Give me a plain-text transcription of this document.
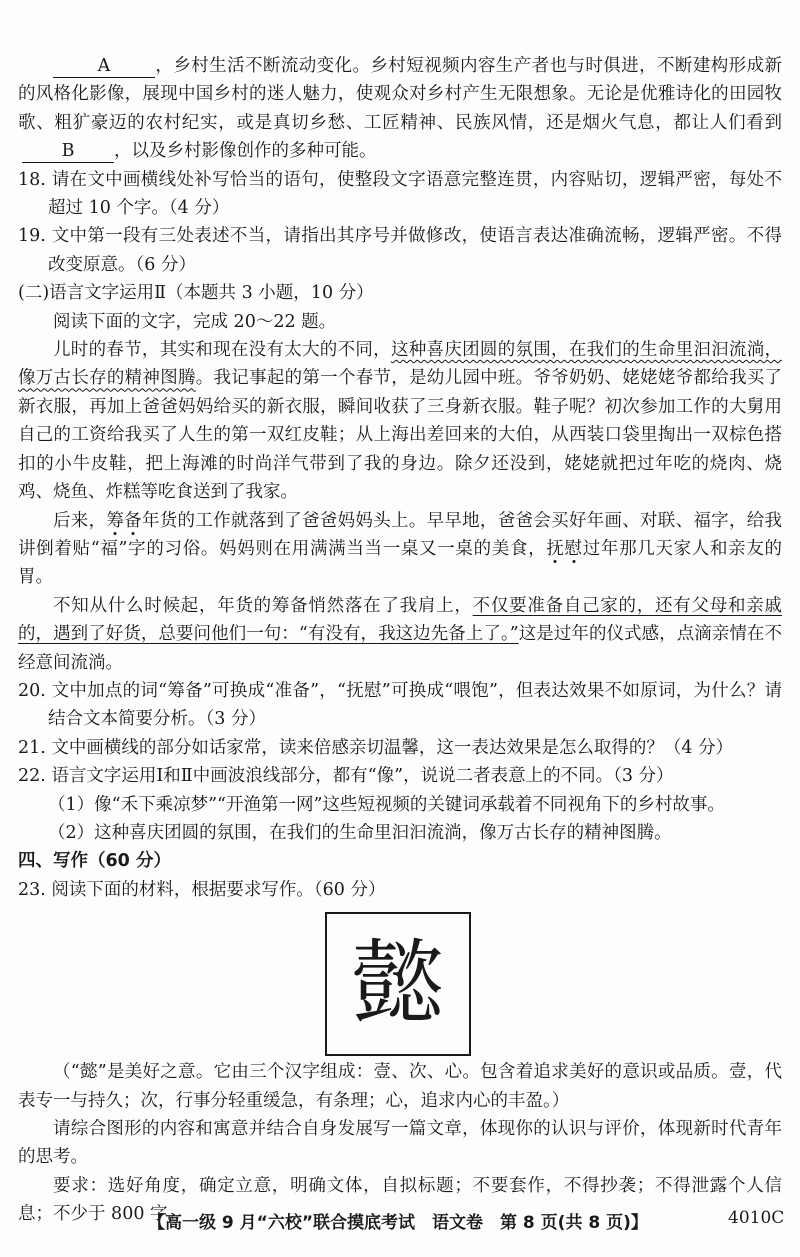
A	，乡村生活不断流动变化。乡村短视频内容生产者也与时俱进，不断建构形成新的风格化影像，展现中国乡村的迷人魅力，使观众对乡村产生无限想象。无论是优雅诗化的田园牧歌、粗犷豪迈的农村纪实，或是真切乡愁、工匠精神、民族风情，还是烟火气息，都让人们看到B ，以及乡村影像创作的多种可能。

18. 请在文中画横线处补写恰当的语句，使整段文字语意完整连贯，内容贴切，逻辑严密，每处不超过 10 个字。（4 分）

19. 文中第一段有三处表述不当，请指出其序号并做修改，使语言表达准确流畅，逻辑严密。不得改变原意。（6 分）

(二)语言文字运用Ⅱ（本题共 3 小题，10 分）

阅读下面的文字，完成 20～22 题。

儿时的春节，其实和现在没有太大的不同，这种喜庆团圆的氛围，在我们的生命里汩汩流淌，像万古长存的精神图腾。我记事起的第一个春节，是幼儿园中班。爷爷奶奶、姥姥姥爷都给我买了新衣服，再加上爸爸妈妈给买的新衣服，瞬间收获了三身新衣服。鞋子呢？初次参加工作的大舅用自己的工资给我买了人生的第一双红皮鞋；从上海出差回来的大伯，从西装口袋里掏出一双棕色搭扣的小牛皮鞋，把上海滩的时尚洋气带到了我的身边。除夕还没到，姥姥就把过年吃的烧肉、烧鸡、烧鱼、炸糕等吃食送到了我家。

后来，筹备年货的工作就落到了爸爸妈妈头上。早早地，爸爸会买好年画、对联、福字，给我讲倒着贴“福”字的习俗。妈妈则在用满满当当一桌又一桌的美食，抚慰过年那几天家人和亲友的胃。

不知从什么时候起，年货的筹备悄然落在了我肩上，不仅要准备自己家的，还有父母和亲戚的，遇到了好货，总要问他们一句：“有没有，我这边先备上了。”这是过年的仪式感，点滴亲情在不经意间流淌。

20. 文中加点的词“筹备”可换成“准备”，“抚慰”可换成“喂饱”，但表达效果不如原词，为什么？请结合文本简要分析。（3 分）

21. 文中画横线的部分如话家常，读来倍感亲切温馨，这一表达效果是怎么取得的？（4 分）

22. 语言文字运用Ⅰ和Ⅱ中画波浪线部分，都有“像”，说说二者表意上的不同。（3 分）

（1）像“禾下乘凉梦”“开渔第一网”这些短视频的关键词承载着不同视角下的乡村故事。

（2）这种喜庆团圆的氛围，在我们的生命里汩汩流淌，像万古长存的精神图腾。

四、写作（60 分）

23. 阅读下面的材料，根据要求写作。（60 分）

懿

（“懿”是美好之意。它由三个汉字组成：壹、次、心。包含着追求美好的意识或品质。壹，代表专一与持久；次，行事分轻重缓急，有条理；心，追求内心的丰盈。）

请综合图形的内容和寓意并结合自身发展写一篇文章，体现你的认识与评价，体现新时代青年的思考。

要求：选好角度，确定立意，明确文体，自拟标题；不要套作，不得抄袭；不得泄露个人信息；不少于 800 字。

【高一级 9 月“六校”联合摸底考试　语文卷　第 8 页(共 8 页)】	4010C
